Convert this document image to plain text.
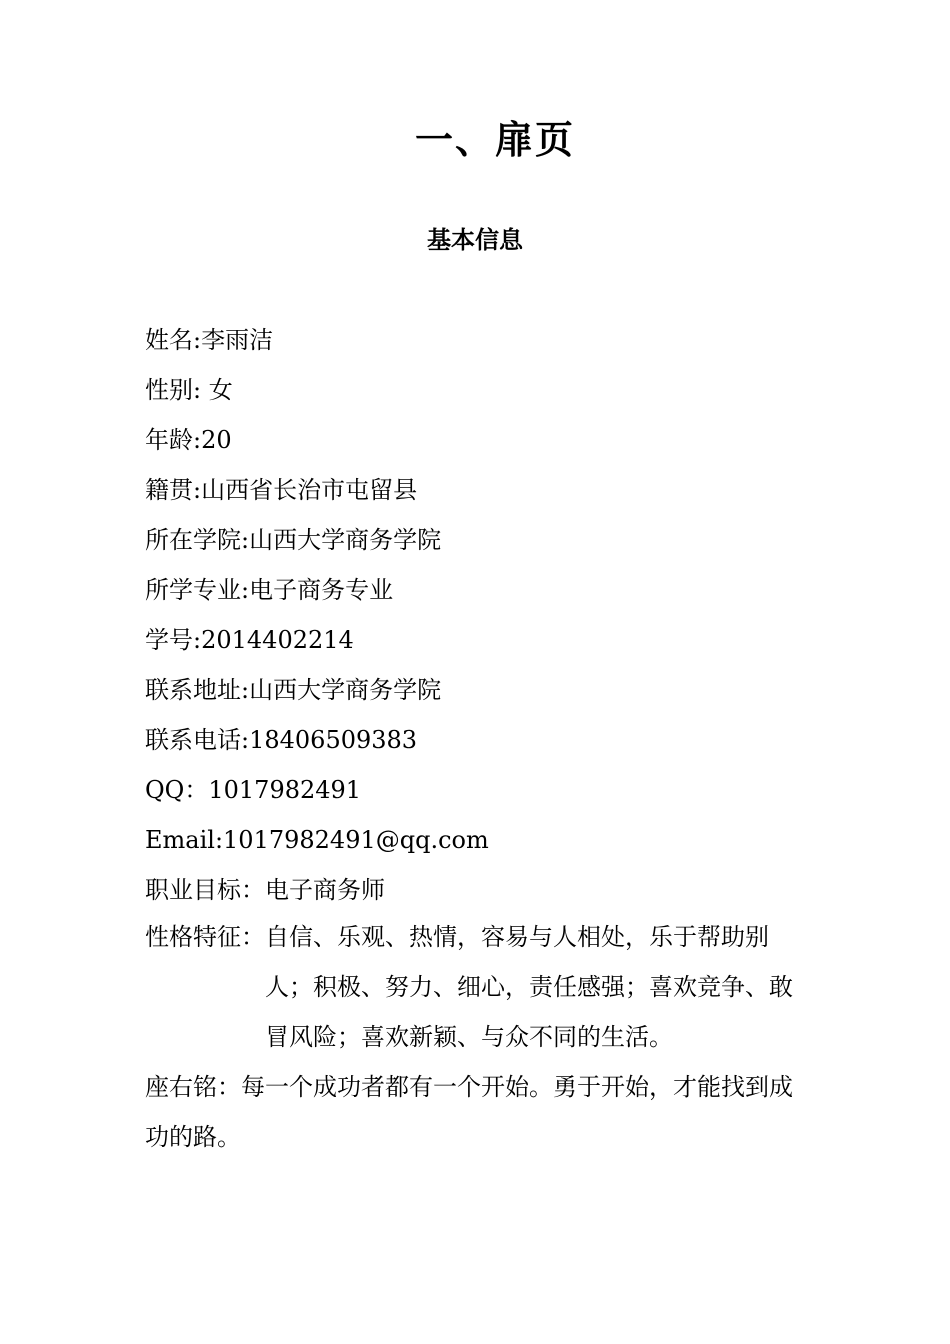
一、扉页
基本信息
姓名:李雨洁
性别: 女
年龄:20
籍贯:山西省长治市屯留县
所在学院:山西大学商务学院
所学专业:电子商务专业
学号:2014402214
联系地址:山西大学商务学院
联系电话:18406509383
QQ：1017982491
Email:1017982491@qq.com
职业目标：电子商务师
性格特征： 自信、乐观、热情，容易与人相处，乐于帮助别人；积极、努力、细心，责任感强；喜欢竞争、敢冒风险；喜欢新颖、与众不同的生活。

座右铭：每一个成功者都有一个开始。勇于开始，才能找到成功的路。
